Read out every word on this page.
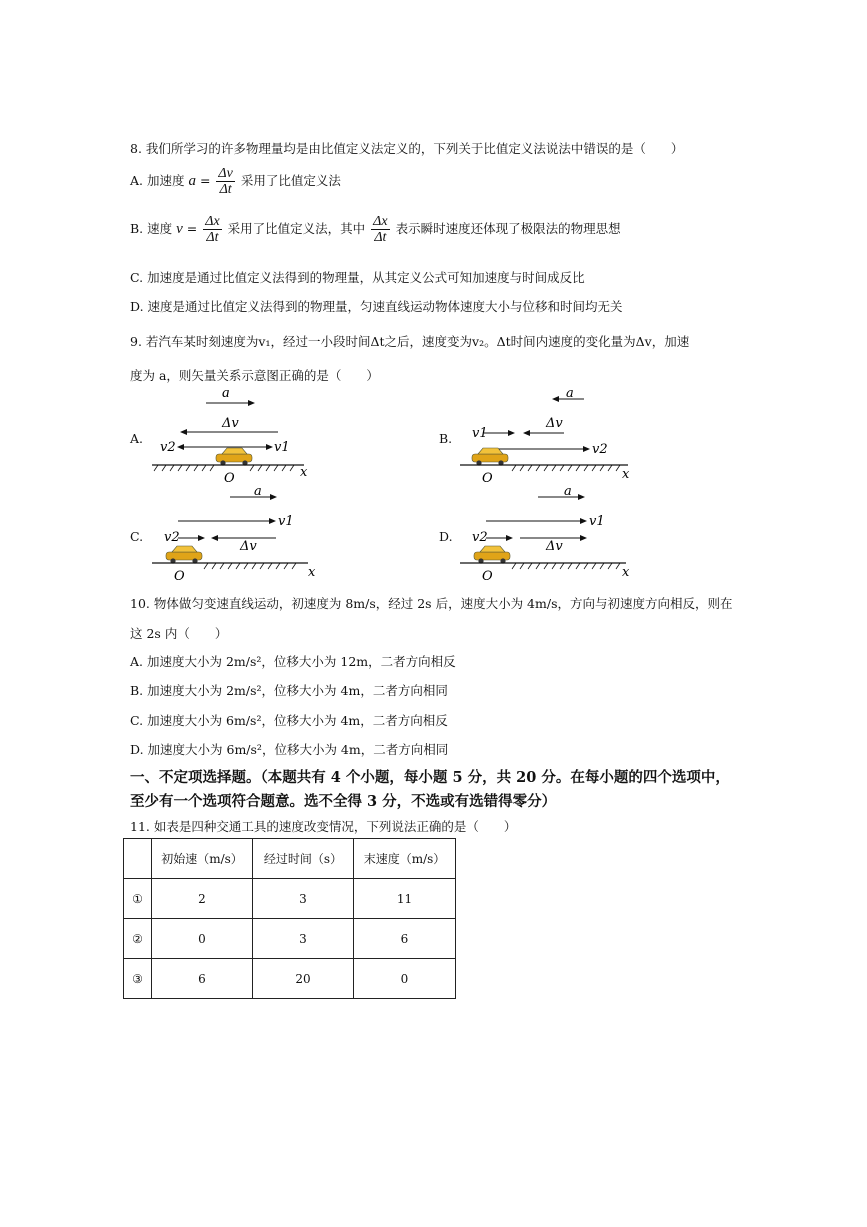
8. 我们所学习的许多物理量均是由比值定义法定义的，下列关于比值定义法说法中错误的是（　　）
A. 加速度 $a = \frac{\Delta v}{\Delta t}$ 采用了比值定义法
B. 速度 $v = \frac{\Delta x}{\Delta t}$ 采用了比值定义法，其中 $\frac{\Delta x}{\Delta t}$ 表示瞬时速度还体现了极限法的物理思想
C. 加速度是通过比值定义法得到的物理量，从其定义公式可知加速度与时间成反比
D. 速度是通过比值定义法得到的物理量，匀速直线运动物体速度大小与位移和时间均无关
9. 若汽车某时刻速度为v₁，经过一小段时间Δt之后，速度变为v₂。Δt时间内速度的变化量为Δv，加速
度为 a，则矢量关系示意图正确的是（　　）
A.
a
Δv
v2	v1
O	x
B.
a
Δv
v1
v2
O	x
C.
a
v1
v2
Δv
O	x
D.
a
v1
v2
Δv
O	x
10. 物体做匀变速直线运动，初速度为 8m/s，经过 2s 后，速度大小为 4m/s，方向与初速度方向相反，则在
这 2s 内（　　）
A. 加速度大小为 2m/s²，位移大小为 12m，二者方向相反
B. 加速度大小为 2m/s²，位移大小为 4m，二者方向相同
C. 加速度大小为 6m/s²，位移大小为 4m，二者方向相反
D. 加速度大小为 6m/s²，位移大小为 4m，二者方向相同
一、不定项选择题。（本题共有 4 个小题，每小题 5 分，共 20 分。在每小题的四个选项中，
至少有一个选项符合题意。选不全得 3 分，不选或有选错得零分）
11. 如表是四种交通工具的速度改变情况，下列说法正确的是（　　）
	初始速（m/s）	经过时间（s）	末速度（m/s）
①	2	3	11
②	0	3	6
③	6	20	0
